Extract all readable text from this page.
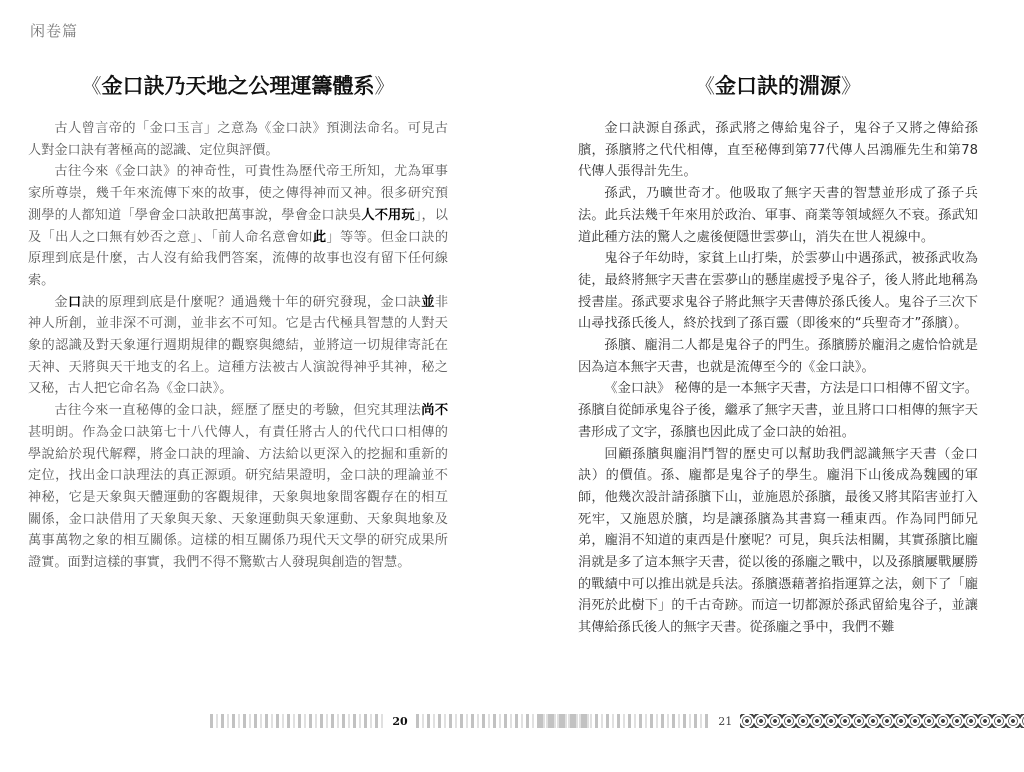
闲卷篇
《金口訣乃天地之公理運籌體系》

古人曾言帝的「金口玉言」之意為《金口訣》預測法命名。可見古人對金口訣有著極高的認識、定位與評價。

古往今來《金口訣》的神奇性，可貴性為歷代帝王所知，尤為軍事家所尊崇，幾千年來流傳下來的故事，使之傳得神而又神。很多研究預測學的人都知道「學會金口訣敢把萬事說，學會金口訣吳人不用玩」，以及「出人之口無有妙否之意」、「前人命名意會如此」等等。但金口訣的原理到底是什麼，古人沒有給我們答案，流傳的故事也沒有留下任何線索。

金口訣的原理到底是什麼呢？通過幾十年的研究發現，金口訣並非神人所創，並非深不可測，並非玄不可知。它是古代極具智慧的人對天象的認識及對天象運行週期規律的觀察與總結，並將這一切規律寄託在天神、天將與天干地支的名上。這種方法被古人演說得神乎其神，秘之又秘，古人把它命名為《金口訣》。

古往今來一直秘傳的金口訣，經歷了歷史的考驗，但究其理法尚不甚明朗。作為金口訣第七十八代傳人，有責任將古人的代代口口相傳的學說給於現代解釋，將金口訣的理論、方法給以更深入的挖掘和重新的定位，找出金口訣理法的真正源頭。研究結果證明，金口訣的理論並不神秘，它是天象與天體運動的客觀規律，天象與地象間客觀存在的相互關係，金口訣借用了天象與天象、天象運動與天象運動、天象與地象及萬事萬物之象的相互關係。這樣的相互關係乃現代天文學的研究成果所證實。面對這樣的事實，我們不得不驚歎古人發現與創造的智慧。

《金口訣的淵源》

金口訣源自孫武，孫武將之傳給鬼谷子，鬼谷子又將之傳給孫臏，孫臏將之代代相傳，直至秘傳到第77代傳人呂鴻雁先生和第78代傳人張得計先生。

孫武，乃曠世奇才。他吸取了無字天書的智慧並形成了孫子兵法。此兵法幾千年來用於政治、軍事、商業等領域經久不衰。孫武知道此種方法的驚人之處後便隱世雲夢山，消失在世人視線中。

鬼谷子年幼時，家貧上山打柴，於雲夢山中遇孫武，被孫武收為徒，最終將無字天書在雲夢山的懸崖處授予鬼谷子，後人將此地稱為授書崖。孫武要求鬼谷子將此無字天書傳於孫氏後人。鬼谷子三次下山尋找孫氏後人，終於找到了孫百靈（即後來的“兵聖奇才”孫臏）。

孫臏、龐涓二人都是鬼谷子的門生。孫臏勝於龐涓之處恰恰就是因為這本無字天書，也就是流傳至今的《金口訣》。

《金口訣》 秘傳的是一本無字天書，方法是口口相傳不留文字。孫臏自從師承鬼谷子後，繼承了無字天書，並且將口口相傳的無字天書形成了文字，孫臏也因此成了金口訣的始祖。

回顧孫臏與龐涓鬥智的歷史可以幫助我們認識無字天書（金口訣）的價值。孫、龐都是鬼谷子的學生。龐涓下山後成為魏國的軍師，他幾次設計請孫臏下山，並施恩於孫臏，最後又將其陷害並打入死牢，又施恩於臏，均是讓孫臏為其書寫一種東西。作為同門師兄弟，龐涓不知道的東西是什麼呢？可見，與兵法相關，其實孫臏比龐涓就是多了這本無字天書，從以後的孫龐之戰中，以及孫臏屢戰屢勝的戰績中可以推出就是兵法。孫臏憑藉著掐指運算之法，劍下了「龐涓死於此樹下」的千古奇跡。而這一切都源於孫武留給鬼谷子，並讓其傳給孫氏後人的無字天書。從孫龐之爭中，我們不難

20	21
